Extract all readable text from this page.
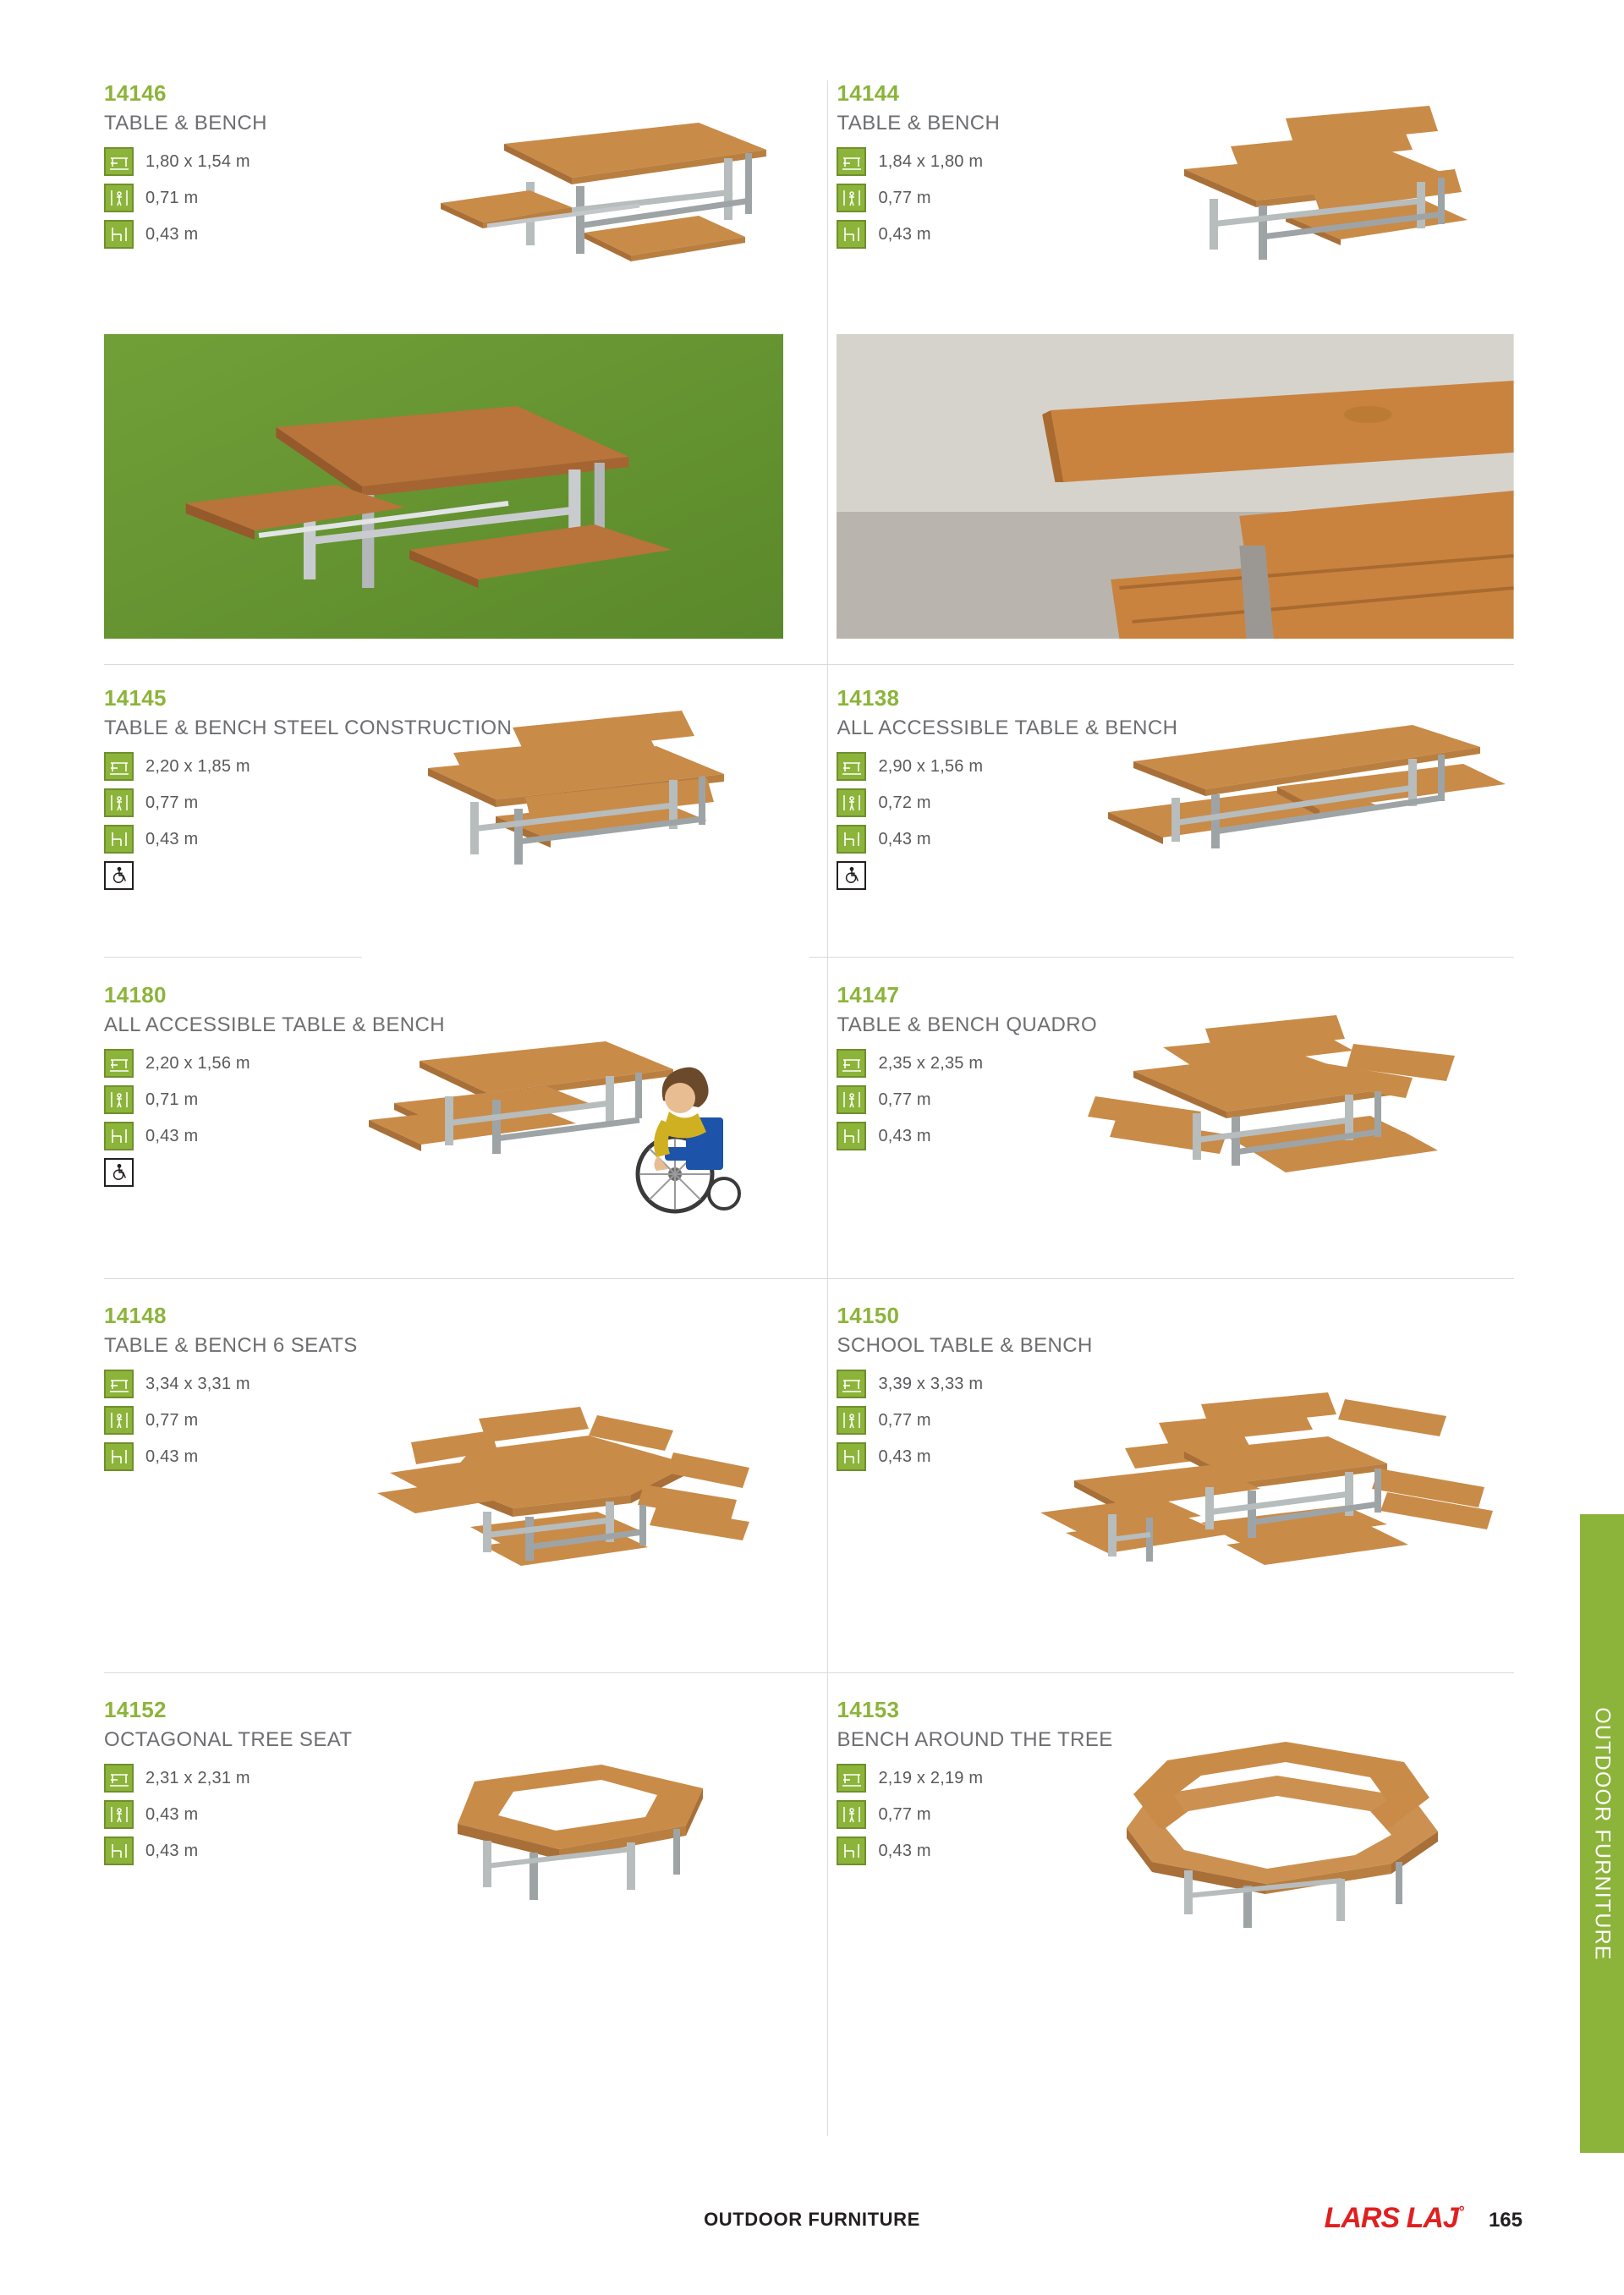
OUTDOOR FURNITURE
14146
TABLE & BENCH
1,80 x 1,54 m
0,71 m
0,43 m
14144
TABLE & BENCH
1,84 x 1,80 m
0,77 m
0,43 m
14145
TABLE & BENCH STEEL CONSTRUCTION
2,20 x 1,85 m
0,77 m
0,43 m
14138
ALL ACCESSIBLE TABLE & BENCH
2,90 x 1,56 m
0,72 m
0,43 m
14180
ALL ACCESSIBLE TABLE & BENCH
2,20 x 1,56 m
0,71 m
0,43 m
14147
TABLE & BENCH QUADRO
2,35 x 2,35 m
0,77 m
0,43 m
14148
TABLE & BENCH 6 SEATS
3,34 x 3,31 m
0,77 m
0,43 m
14150
SCHOOL TABLE & BENCH
3,39 x 3,33 m
0,77 m
0,43 m
14152
OCTAGONAL TREE SEAT
2,31 x 2,31 m
0,43 m
0,43 m
14153
BENCH AROUND THE TREE
2,19 x 2,19 m
0,77 m
0,43 m
OUTDOOR FURNITURE	LARS LAJ° 165
